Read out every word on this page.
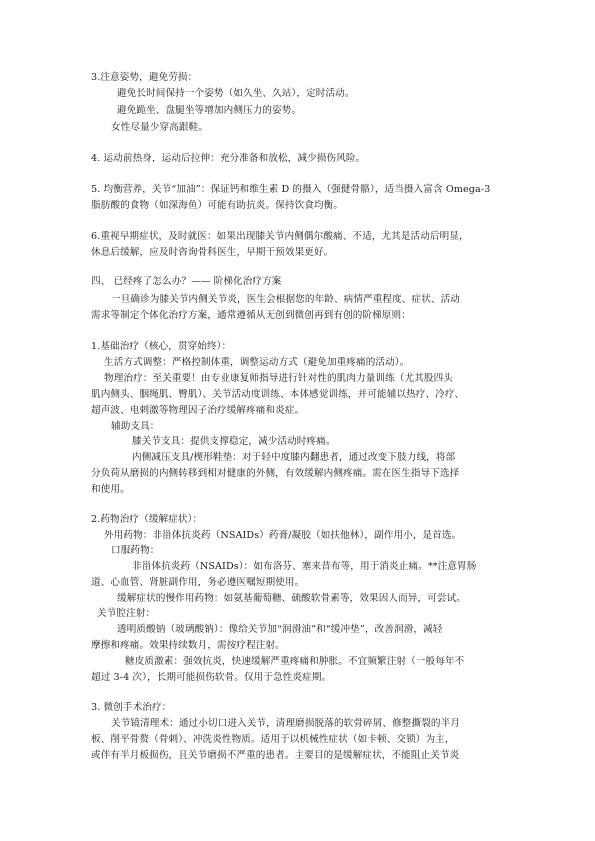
3.注意姿势，避免劳损：
避免长时间保持一个姿势（如久坐、久站），定时活动。
避免跪坐、盘腿坐等增加内侧压力的姿势。
女性尽量少穿高跟鞋。
4. 运动前热身，运动后拉伸：充分准备和放松，减少损伤风险。
5. 均衡营养，关节“加油”：保证钙和维生素 D 的摄入（强健骨骼），适当摄入富含 Omega-3
脂肪酸的食物（如深海鱼）可能有助抗炎。保持饮食均衡。
6.重视早期症状，及时就医：如果出现膝关节内侧偶尔酸痛、不适，尤其是活动后明显，
休息后缓解，应及时咨询骨科医生，早期干预效果更好。
四、 已经疼了怎么办？—— 阶梯化治疗方案
一旦确诊为膝关节内侧关节炎，医生会根据您的年龄、病情严重程度、症状、活动
需求等制定个体化治疗方案，通常遵循从无创到微创再到有创的阶梯原则：
1.基础治疗（核心，贯穿始终）：
生活方式调整：严格控制体重，调整运动方式（避免加重疼痛的活动）。
物理治疗：至关重要！由专业康复师指导进行针对性的肌肉力量训练（尤其股四头
肌内侧头、胭绳肌、臀肌）、关节活动度训练、本体感觉训练，并可能辅以热疗、冷疗、
超声波、电刺激等物理因子治疗缓解疼痛和炎症。
辅助支具：
膝关节支具：提供支撑稳定，减少活动时疼痛。
内侧减压支具/楔形鞋垫：对于轻中度膝内翻患者，通过改变下肢力线，将部
分负荷从磨损的内侧转移到相对健康的外侧，有效缓解内侧疼痛。需在医生指导下选择
和使用。
2.药物治疗（缓解症状）：
外用药物：非甾体抗炎药（NSAIDs）药膏/凝胶（如扶他林），副作用小，是首选。
口服药物：
非甾体抗炎药（NSAIDs）：如布洛芬、塞来昔布等，用于消炎止痛。**注意胃肠
道、心血管、肾脏副作用，务必遵医嘱短期使用。
缓解症状的慢作用药物：如氨基葡萄糖、硫酸软骨素等，效果因人而异，可尝试。
关节腔注射：
透明质酸钠（玻璃酸钠）：像给关节加“润滑油”和“缓冲垫”，改善润滑，减轻
摩擦和疼痛。效果持续数月，需按疗程注射。
糖皮质激素：强效抗炎，快速缓解严重疼痛和肿胀。不宜频繁注射（一般每年不
超过 3-4 次），长期可能损伤软骨。仅用于急性炎症期。
3. 微创手术治疗：
关节镜清理术：通过小切口进入关节，清理磨损脱落的软骨碎屑、修整撕裂的半月
板、削平骨赘（骨刺）、冲洗炎性物质。适用于以机械性症状（如卡顿、交锁）为主，
或伴有半月板损伤，且关节磨损不严重的患者。主要目的是缓解症状，不能阻止关节炎
